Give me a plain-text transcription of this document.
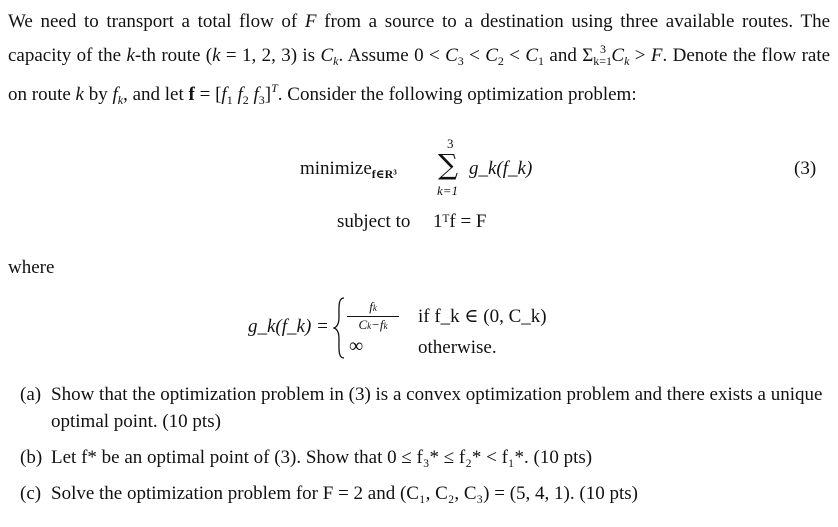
We need to transport a total flow of F from a source to a destination using three available routes. The capacity of the k-th route (k = 1, 2, 3) is $C_k$. Assume $0 < C_3 < C_2 < C_1$ and $\Sigma_{k=1}^3$ $C_k > F$. Denote the flow rate on route k by $f_k$, and let $f = [f_1$ $f_2$ $f_3]^T$. Consider the following optimization problem:
minimize$_{f\in R^3}$
3
∑
k=1
g_k(f_k)	(3)
subject to 1ᵀf = F
where
g_k(f_k) =
fk
Ck−fk	if f_k ∈ (0, C_k)
∞	otherwise.
(a) Show that the optimization problem in (3) is a convex optimization problem and there exists a unique optimal point. (10 pts)
(b) Let f* be an optimal point of (3). Show that 0 ≤ f₃* ≤ f₂* < f₁*. (10 pts)
(c) Solve the optimization problem for F = 2 and (C₁, C₂, C₃) = (5, 4, 1). (10 pts)
